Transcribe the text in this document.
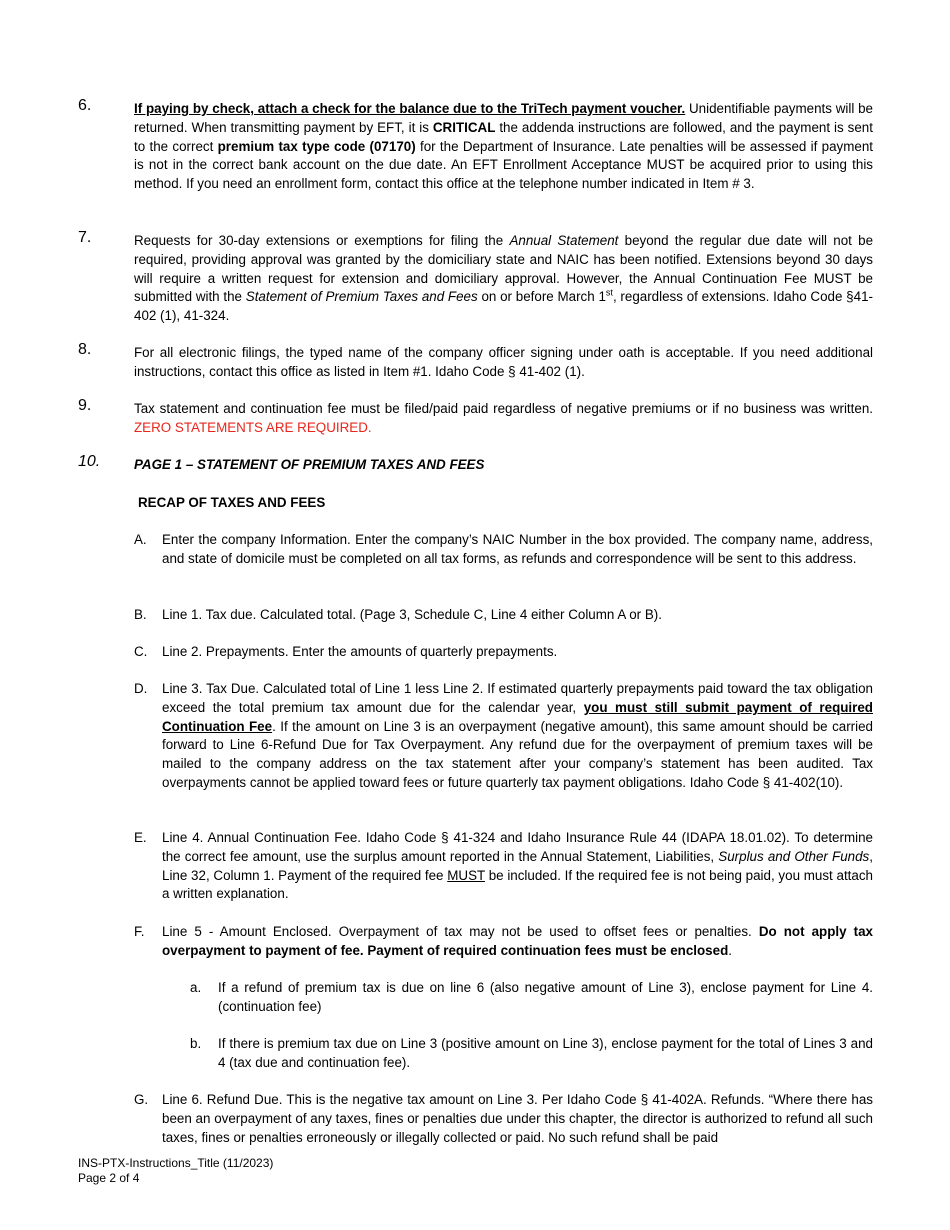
6.	If paying by check, attach a check for the balance due to the TriTech payment voucher. Unidentifiable payments will be returned. When transmitting payment by EFT, it is CRITICAL the addenda instructions are followed, and the payment is sent to the correct premium tax type code (07170) for the Department of Insurance. Late penalties will be assessed if payment is not in the correct bank account on the due date. An EFT Enrollment Acceptance MUST be acquired prior to using this method. If you need an enrollment form, contact this office at the telephone number indicated in Item # 3.
7.	Requests for 30-day extensions or exemptions for filing the Annual Statement beyond the regular due date will not be required, providing approval was granted by the domiciliary state and NAIC has been notified. Extensions beyond 30 days will require a written request for extension and domiciliary approval. However, the Annual Continuation Fee MUST be submitted with the Statement of Premium Taxes and Fees on or before March 1st, regardless of extensions. Idaho Code §41-402 (1), 41-324.
8.	For all electronic filings, the typed name of the company officer signing under oath is acceptable. If you need additional instructions, contact this office as listed in Item #1. Idaho Code § 41-402 (1).
9.	Tax statement and continuation fee must be filed/paid paid regardless of negative premiums or if no business was written. ZERO STATEMENTS ARE REQUIRED.
10.	PAGE 1 – STATEMENT OF PREMIUM TAXES AND FEES
RECAP OF TAXES AND FEES
A. Enter the company Information. Enter the company’s NAIC Number in the box provided. The company name, address, and state of domicile must be completed on all tax forms, as refunds and correspondence will be sent to this address.
B. Line 1. Tax due. Calculated total. (Page 3, Schedule C, Line 4 either Column A or B).
C. Line 2. Prepayments. Enter the amounts of quarterly prepayments.
D. Line 3. Tax Due. Calculated total of Line 1 less Line 2. If estimated quarterly prepayments paid toward the tax obligation exceed the total premium tax amount due for the calendar year, you must still submit payment of required Continuation Fee. If the amount on Line 3 is an overpayment (negative amount), this same amount should be carried forward to Line 6-Refund Due for Tax Overpayment. Any refund due for the overpayment of premium taxes will be mailed to the company address on the tax statement after your company’s statement has been audited. Tax overpayments cannot be applied toward fees or future quarterly tax payment obligations. Idaho Code § 41-402(10).
E. Line 4. Annual Continuation Fee. Idaho Code § 41-324 and Idaho Insurance Rule 44 (IDAPA 18.01.02). To determine the correct fee amount, use the surplus amount reported in the Annual Statement, Liabilities, Surplus and Other Funds, Line 32, Column 1. Payment of the required fee MUST be included. If the required fee is not being paid, you must attach a written explanation.
F. Line 5 - Amount Enclosed. Overpayment of tax may not be used to offset fees or penalties. Do not apply tax overpayment to payment of fee. Payment of required continuation fees must be enclosed.
a. If a refund of premium tax is due on line 6 (also negative amount of Line 3), enclose payment for Line 4. (continuation fee)
b. If there is premium tax due on Line 3 (positive amount on Line 3), enclose payment for the total of Lines 3 and 4 (tax due and continuation fee).
G. Line 6. Refund Due. This is the negative tax amount on Line 3. Per Idaho Code § 41-402A. Refunds. “Where there has been an overpayment of any taxes, fines or penalties due under this chapter, the director is authorized to refund all such taxes, fines or penalties erroneously or illegally collected or paid. No such refund shall be paid
INS-PTX-Instructions_Title (11/2023)
Page 2 of 4
